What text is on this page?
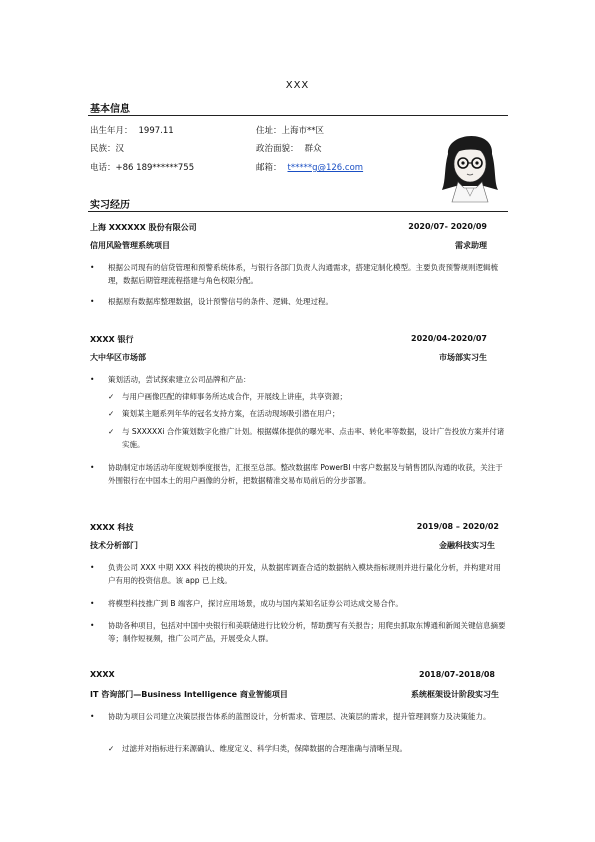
XXX
基本信息
出生年月： 1997.11	住址：上海市**区
民族：汉	政治面貌： 群众
电话：+86 189******755	邮箱： t*****g@126.com
实习经历
上海 XXXXXX 股份有限公司	2020/07- 2020/09
信用风险管理系统项目	需求助理
• 根据公司现有的信贷管理和预警系统体系，与银行各部门负责人沟通需求，搭建定制化模型。主要负责预警规则逻辑梳理，数据后期管理流程搭建与角色权限分配。
• 根据原有数据库整理数据，设计预警信号的条件、逻辑、处理过程。
XXXX 银行	2020/04-2020/07
大中华区市场部	市场部实习生
• 策划活动，尝试探索建立公司品牌和产品：
✓ 与用户画像匹配的律师事务所达成合作，开展线上讲座，共享资源；
✓ 策划某主题系列年华的冠名支持方案，在活动现场吸引潜在用户；
✓ 与 SXXXXXi 合作策划数字化推广计划。根据媒体提供的曝光率、点击率、转化率等数据，设计广告投放方案并付诸实施。
• 协助制定市场活动年度规划季度报告，汇报至总部。整改数据库 PowerBI 中客户数据及与销售团队沟通的收获，关注于外围银行在中国本土的用户画像的分析，把数据精准交易布局前后的分步部署。
XXXX 科技	2019/08 – 2020/02
技术分析部门	金融科技实习生
• 负责公司 XXX 中期 XXX 科技的模块的开发，从数据库调查合适的数据纳入模块指标规则并进行量化分析，并构建对用户有用的投资信息。该 app 已上线。
• 将模型科技推广到 B 端客户，探讨应用场景，成功与国内某知名证券公司达成交易合作。
• 协助各种项目，包括对中国中央银行和美联储进行比较分析，帮助撰写有关报告；用爬虫抓取东博通和新闻关键信息摘要等；制作短视频，推广公司产品，开展受众人群。
XXXX	2018/07-2018/08
IT 咨询部门—Business Intelligence 商业智能项目	系统框架设计阶段实习生
• 协助为项目公司建立决策层报告体系的蓝图设计，分析需求、管理层、决策层的需求，提升管理洞察力及决策能力。
✓ 过滤并对指标进行来源确认、维度定义、科学归类，保障数据的合理准确与清晰呈现。
